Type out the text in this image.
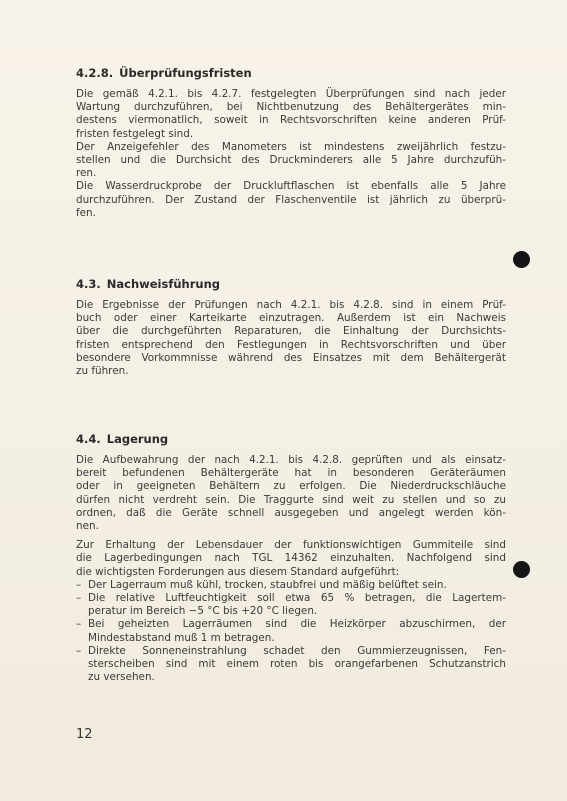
4.2.8. Überprüfungsfristen

Die gemäß 4.2.1. bis 4.2.7. festgelegten Überprüfungen sind nach jeder
Wartung durchzuführen, bei Nichtbenutzung des Behältergerätes min-
destens viermonatlich, soweit in Rechtsvorschriften keine anderen Prüf-
fristen festgelegt sind.

Der Anzeigefehler des Manometers ist mindestens zweijährlich festzu-
stellen und die Durchsicht des Druckminderers alle 5 Jahre durchzufüh-
ren.

Die Wasserdruckprobe der Druckluftflaschen ist ebenfalls alle 5 Jahre
durchzuführen. Der Zustand der Flaschenventile ist jährlich zu überprü-
fen.

4.3. Nachweisführung

Die Ergebnisse der Prüfungen nach 4.2.1. bis 4.2.8. sind in einem Prüf-
buch oder einer Karteikarte einzutragen. Außerdem ist ein Nachweis
über die durchgeführten Reparaturen, die Einhaltung der Durchsichts-
fristen entsprechend den Festlegungen in Rechtsvorschriften und über
besondere Vorkommnisse während des Einsatzes mit dem Behältergerät
zu führen.

4.4. Lagerung

Die Aufbewahrung der nach 4.2.1. bis 4.2.8. geprüften und als einsatz-
bereit befundenen Behältergeräte hat in besonderen Geräteräumen
oder in geeigneten Behältern zu erfolgen. Die Niederdruckschläuche
dürfen nicht verdreht sein. Die Traggurte sind weit zu stellen und so zu
ordnen, daß die Geräte schnell ausgegeben und angelegt werden kön-
nen.

Zur Erhaltung der Lebensdauer der funktionswichtigen Gummiteile sind
die Lagerbedingungen nach TGL 14362 einzuhalten. Nachfolgend sind
die wichtigsten Forderungen aus diesem Standard aufgeführt:

– Der Lagerraum muß kühl, trocken, staubfrei und mäßig belüftet sein.
– Die relative Luftfeuchtigkeit soll etwa 65 % betragen, die Lagertem-
peratur im Bereich −5 °C bis +20 °C liegen.
– Bei geheizten Lagerräumen sind die Heizkörper abzuschirmen, der
Mindestabstand muß 1 m betragen.
– Direkte Sonneneinstrahlung schadet den Gummierzeugnissen, Fen-
sterscheiben sind mit einem roten bis orangefarbenen Schutzanstrich
zu versehen.
12
